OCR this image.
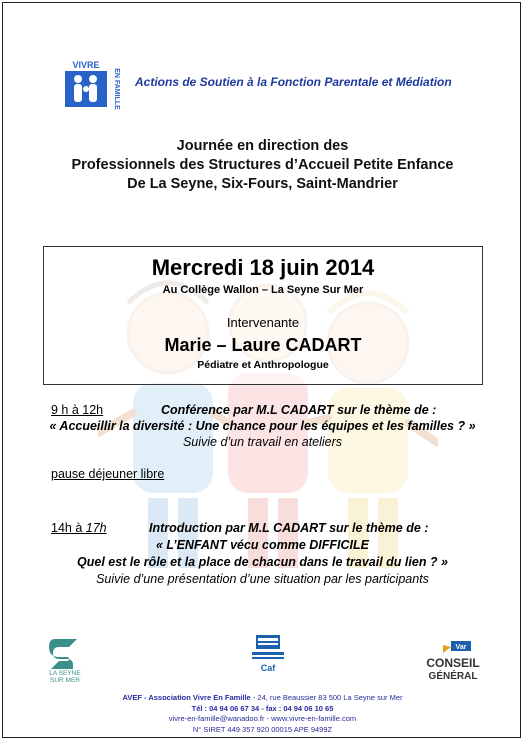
VIVRE
EN FAMILLE Actions de Soutien à la Fonction Parentale et Médiation
Journée en direction des
Professionnels des Structures d’Accueil Petite Enfance
De La Seyne, Six-Fours, Saint-Mandrier
Mercredi 18 juin 2014
Au Collège Wallon – La Seyne Sur Mer
Intervenante
Marie – Laure CADART
Pédiatre et Anthropologue
9 h à 12h	Conférence par M.L CADART sur le thème de :
« Accueillir la diversité : Une chance pour les équipes et les familles ? »
Suivie d’un travail en ateliers
pause déjeuner libre
14h à 17h	Introduction par M.L CADART sur le thème de :
« L’ENFANT vécu comme DIFFICILE
Quel est le rôle et la place de chacun dans le travail du lien ? »
Suivie d’une présentation d’une situation par les participants
LA SEYNE
SUR MER
Caf
Var
CONSEIL
GÉNÉRAL
AVEF - Association Vivre En Famille - 24, rue Beaussier 83 500 La Seyne sur Mer
Tél : 04 94 06 67 34 - fax : 04 94 06 10 65
vivre-en-famille@wanadoo.fr - www.vivre-en-famille.com
N° SIRET 449 357 920 00015 APE 9499Z
